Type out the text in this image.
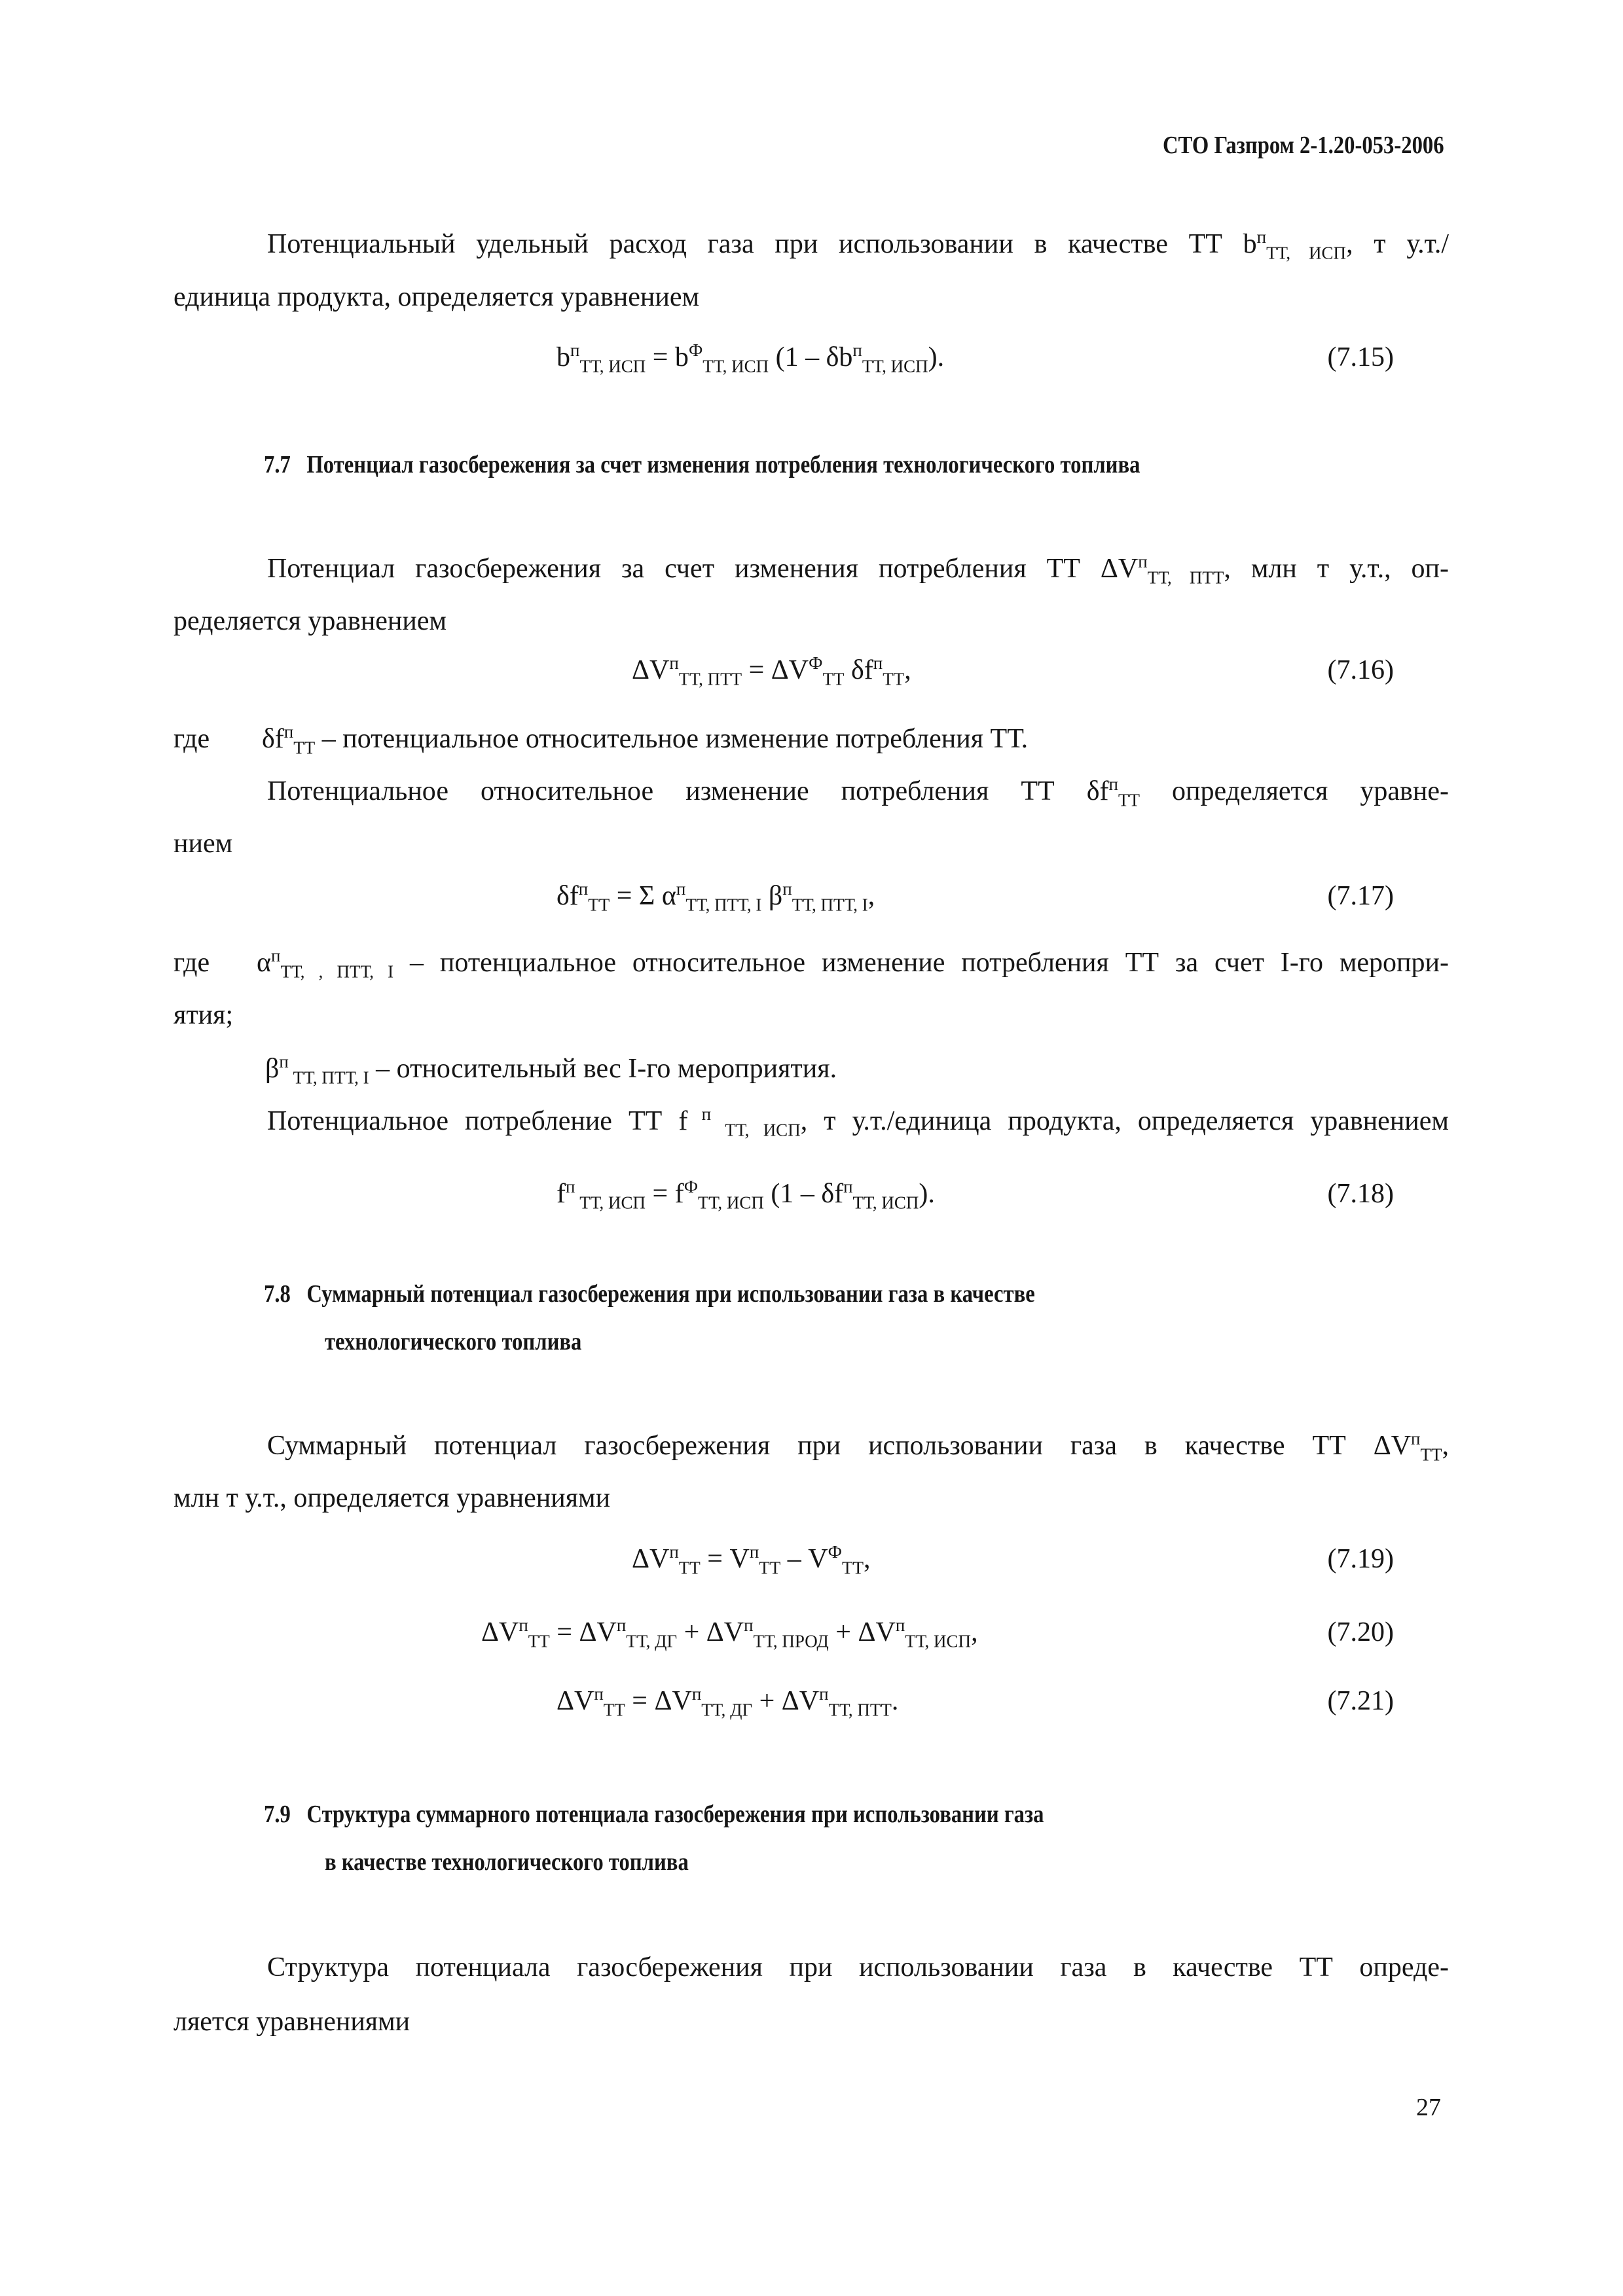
СТО Газпром 2-1.20-053-2006
Потенциальный удельный расход газа при использовании в качестве ТТ $b^п_{ТТ, ИСП}$, т у.т./
единица продукта, определяется уравнением
$b^п_{ТТ, ИСП} = b^Ф_{ТТ, ИСП}$ $(1 - \delta b^п_{ТТ, ИСП})$.	(7.15)
7.7 Потенциал газосбережения за счет изменения потребления технологического топлива
Потенциал газосбережения за счет изменения потребления ТТ $\Delta V^п_{ТТ, ПТТ}$, млн т у.т., оп-
ределяется уравнением
$\Delta V^п_{ТТ, ПТТ} = \Delta V^Ф_{ТТ}$ $\delta f^п_{ТТ}$,	(7.16)
где $\delta f^п_{ТТ}$ – потенциальное относительное изменение потребления ТТ.
Потенциальное относительное изменение потребления ТТ $\delta f^п_{ТТ}$ определяется уравне-
нием
$\delta f^п_{ТТ} = \Sigma$ $\alpha^п_{ТТ, ПТТ, I}$ $\beta^п_{ТТ, ПТТ, I}$,	(7.17)
где $\alpha^п_{ТТ, , ПТТ, I}$ – потенциальное относительное изменение потребления ТТ за счет I-го меропри-
ятия;
$\beta^п$ $_{ТТ, ПТТ, I}$ – относительный вес I-го мероприятия.
Потенциальное потребление ТТ f $^п$ $_{ТТ, ИСП}$, т у.т./единица продукта, определяется уравнением
$f^п$ $_{ТТ, ИСП} = f^Ф_{ТТ, ИСП}$ $(1 - \delta f^п_{ТТ, ИСП})$.	(7.18)
7.8 Суммарный потенциал газосбережения при использовании газа в качестве
технологического топлива
Суммарный потенциал газосбережения при использовании газа в качестве ТТ $\Delta V^п_{ТТ}$,
млн т у.т., определяется уравнениями
$\Delta V^п_{ТТ} = V^п_{ТТ} - V^Ф_{ТТ}$,	(7.19)
$\Delta V^п_{ТТ} = \Delta V^п_{ТТ, ДГ} + \Delta V^п_{ТТ, ПРОД} + \Delta V^п_{ТТ, ИСП}$,	(7.20)
$\Delta V^п_{ТТ} = \Delta V^п_{ТТ, ДГ} + \Delta V^п_{ТТ, ПТТ}$.	(7.21)
7.9 Структура суммарного потенциала газосбережения при использовании газа
в качестве технологического топлива
Структура потенциала газосбережения при использовании газа в качестве ТТ опреде-
ляется уравнениями
27
